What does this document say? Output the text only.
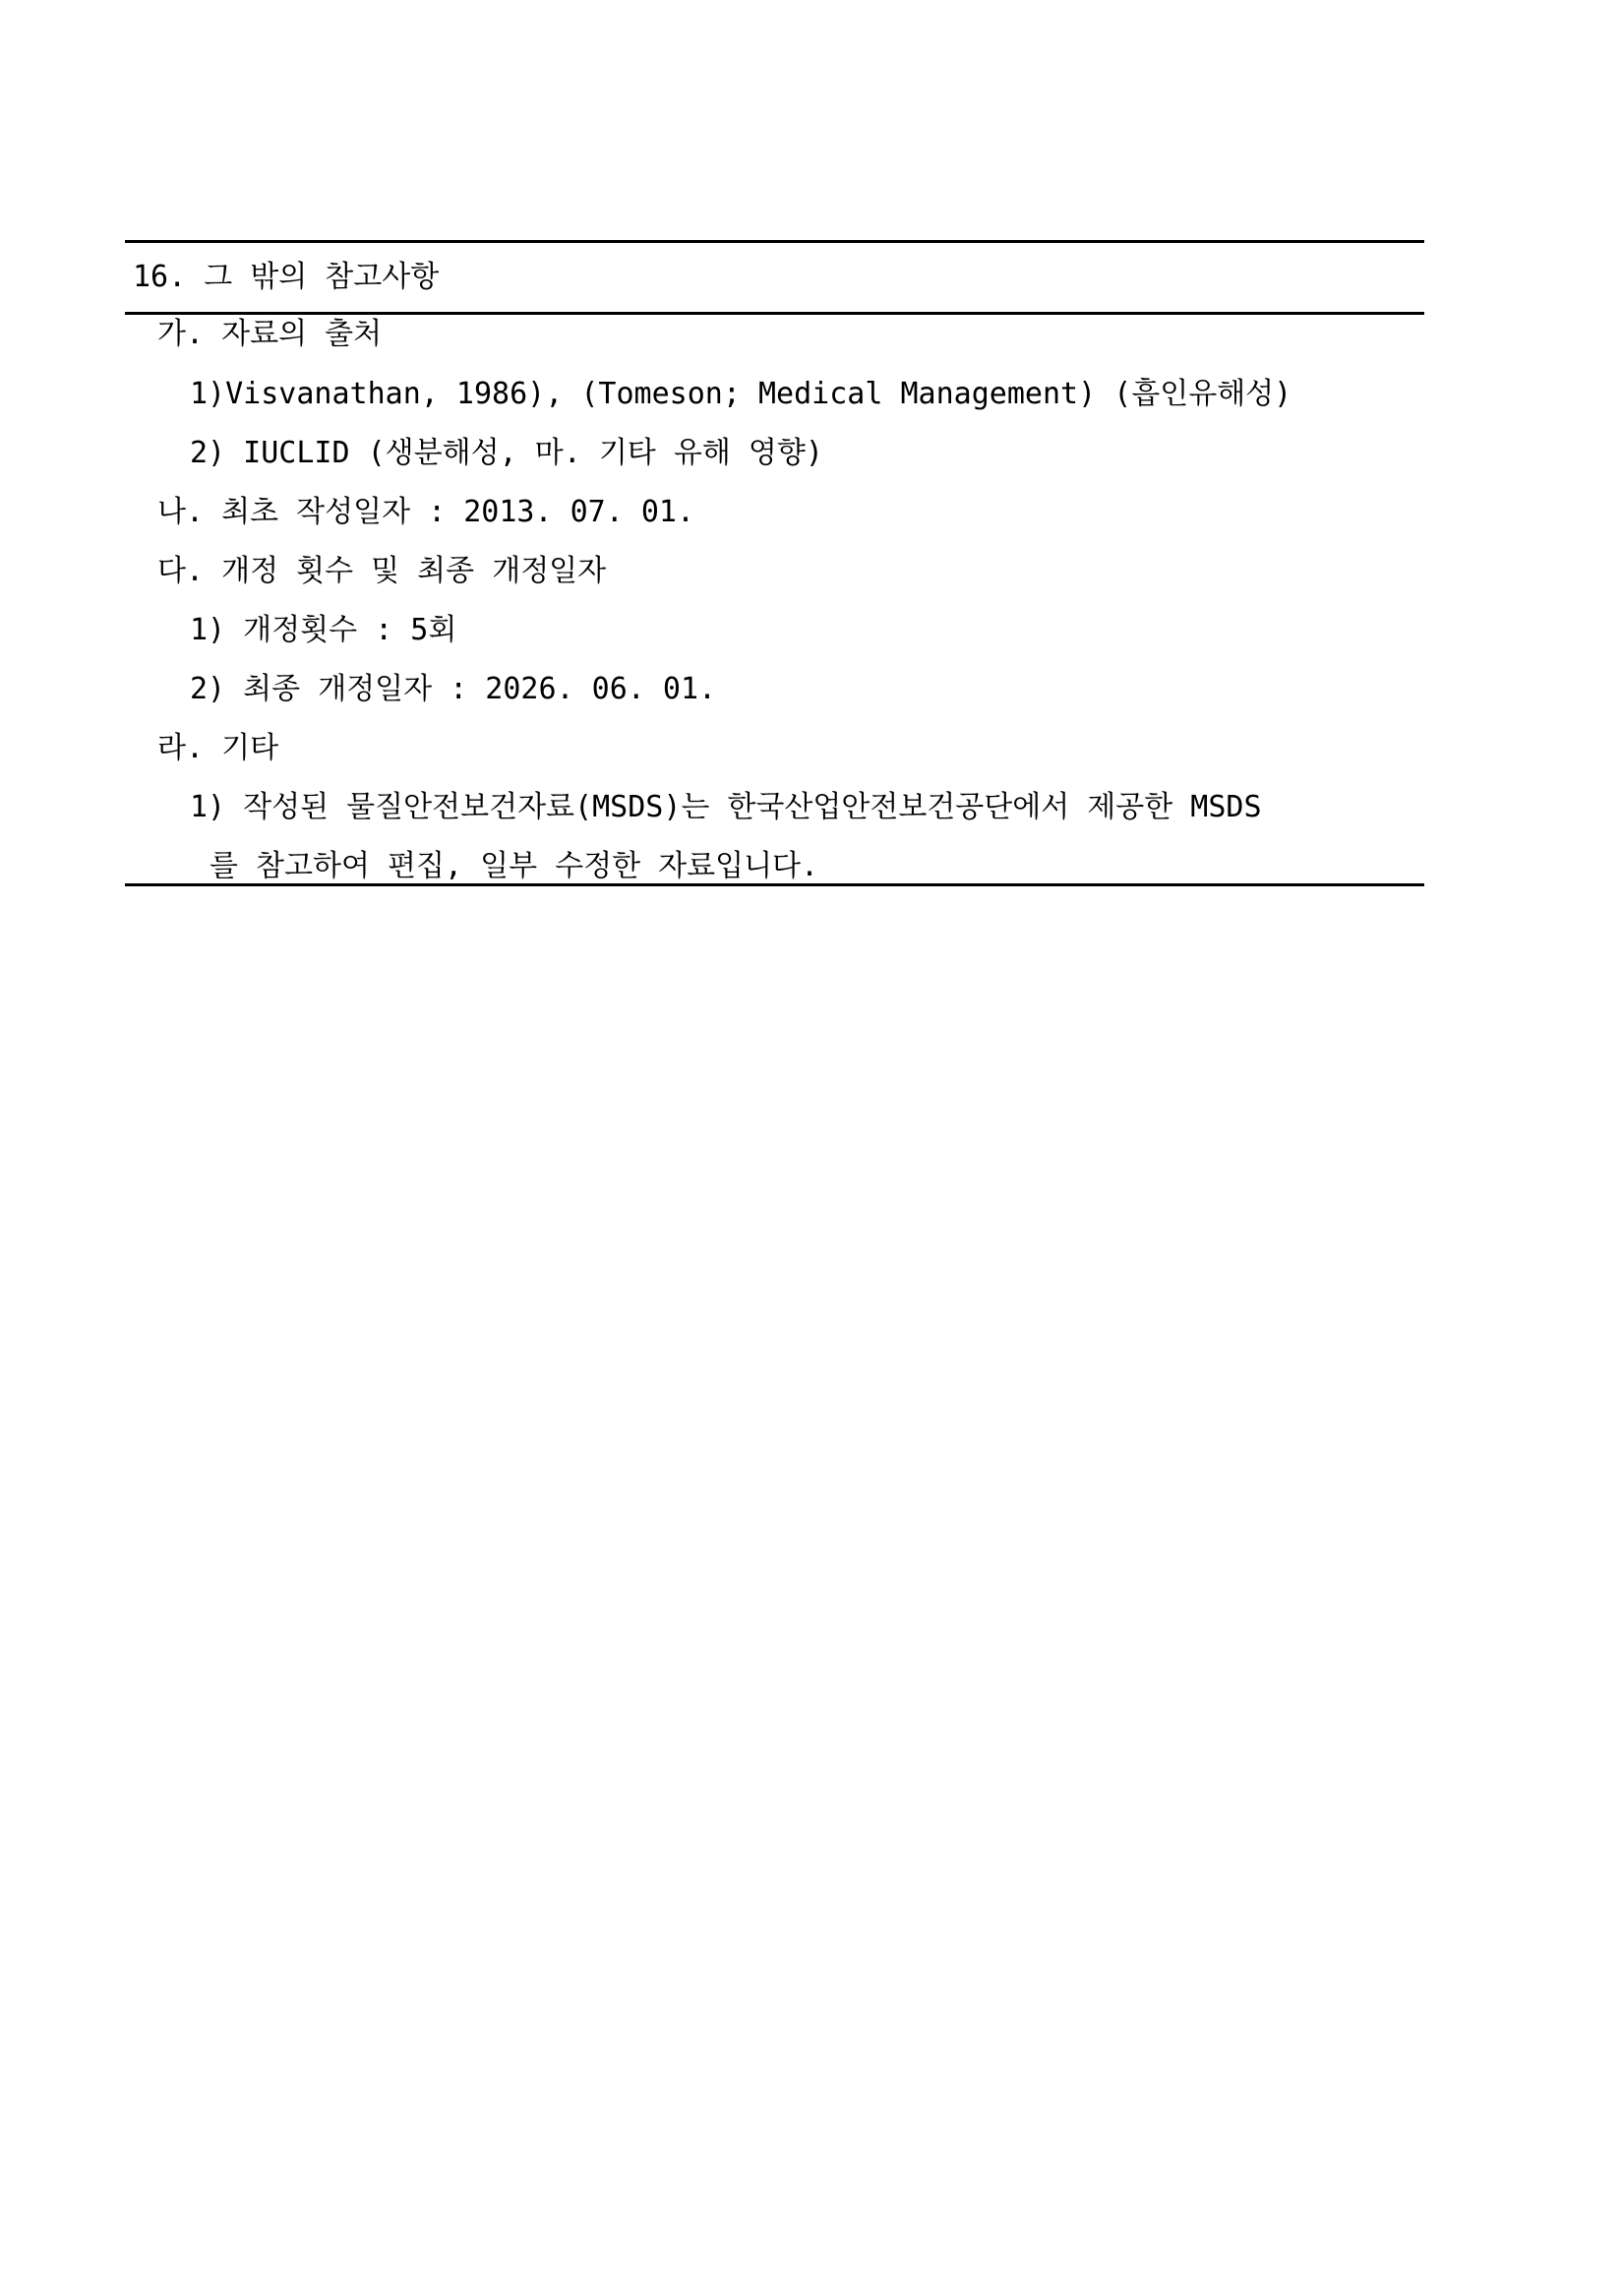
16. 그 밖의 참고사항
가. 자료의 출처
1)Visvanathan, 1986), (Tomeson; Medical Management) (흡인유해성)
2) IUCLID (생분해성, 마. 기타 유해 영향)
나. 최초 작성일자 : 2013. 07. 01.
다. 개정 횟수 및 최종 개정일자
1) 개정횟수 : 5회
2) 최종 개정일자 : 2026. 06. 01.
라. 기타
1) 작성된 물질안전보건자료(MSDS)는 한국산업안전보건공단에서 제공한 MSDS
를 참고하여 편집, 일부 수정한 자료입니다.
